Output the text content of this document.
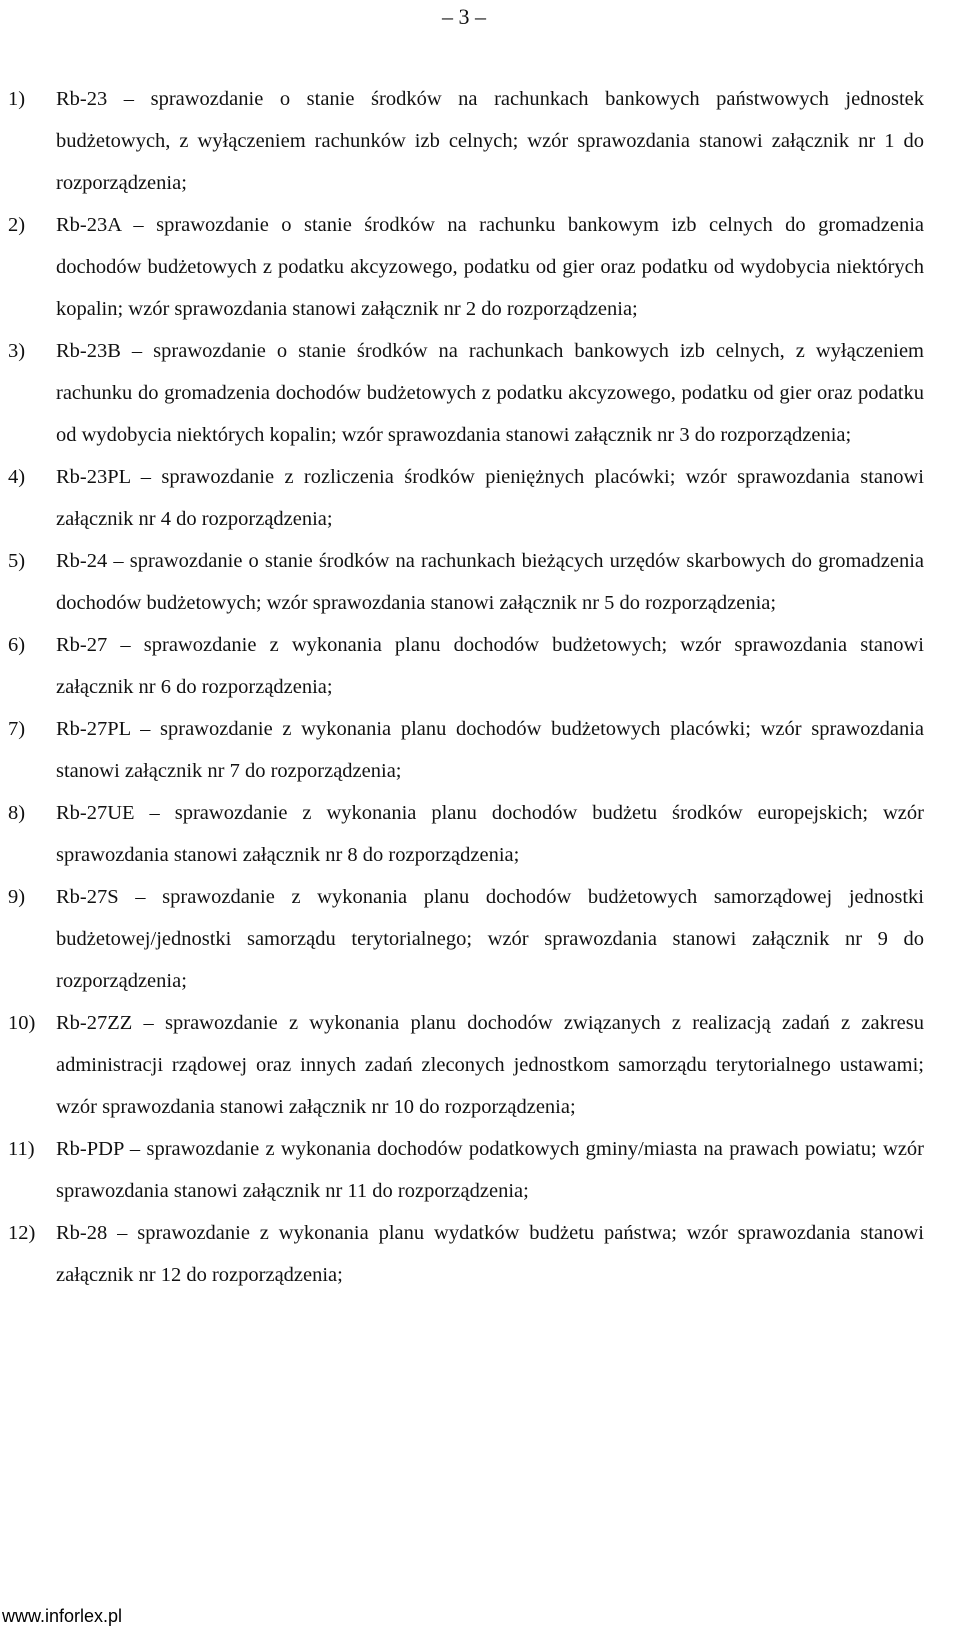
– 3 –
1) Rb-23 – sprawozdanie o stanie środków na rachunkach bankowych państwowych jednostek budżetowych, z wyłączeniem rachunków izb celnych; wzór sprawozdania stanowi załącznik nr 1 do rozporządzenia;
2) Rb-23A – sprawozdanie o stanie środków na rachunku bankowym izb celnych do gromadzenia dochodów budżetowych z podatku akcyzowego, podatku od gier oraz podatku od wydobycia niektórych kopalin; wzór sprawozdania stanowi załącznik nr 2 do rozporządzenia;
3) Rb-23B – sprawozdanie o stanie środków na rachunkach bankowych izb celnych, z wyłączeniem rachunku do gromadzenia dochodów budżetowych z podatku akcyzowego, podatku od gier oraz podatku od wydobycia niektórych kopalin; wzór sprawozdania stanowi załącznik nr 3 do rozporządzenia;
4) Rb-23PL – sprawozdanie z rozliczenia środków pieniężnych placówki; wzór sprawozdania stanowi załącznik nr 4 do rozporządzenia;
5) Rb-24 – sprawozdanie o stanie środków na rachunkach bieżących urzędów skarbowych do gromadzenia dochodów budżetowych; wzór sprawozdania stanowi załącznik nr 5 do rozporządzenia;
6) Rb-27 – sprawozdanie z wykonania planu dochodów budżetowych; wzór sprawozdania stanowi załącznik nr 6 do rozporządzenia;
7) Rb-27PL – sprawozdanie z wykonania planu dochodów budżetowych placówki; wzór sprawozdania stanowi załącznik nr 7 do rozporządzenia;
8) Rb-27UE – sprawozdanie z wykonania planu dochodów budżetu środków europejskich; wzór sprawozdania stanowi załącznik nr 8 do rozporządzenia;
9) Rb-27S – sprawozdanie z wykonania planu dochodów budżetowych samorządowej jednostki budżetowej/jednostki samorządu terytorialnego; wzór sprawozdania stanowi załącznik nr 9 do rozporządzenia;
10) Rb-27ZZ – sprawozdanie z wykonania planu dochodów związanych z realizacją zadań z zakresu administracji rządowej oraz innych zadań zleconych jednostkom samorządu terytorialnego ustawami; wzór sprawozdania stanowi załącznik nr 10 do rozporządzenia;
11) Rb-PDP – sprawozdanie z wykonania dochodów podatkowych gminy/miasta na prawach powiatu; wzór sprawozdania stanowi załącznik nr 11 do rozporządzenia;
12) Rb-28 – sprawozdanie z wykonania planu wydatków budżetu państwa; wzór sprawozdania stanowi załącznik nr 12 do rozporządzenia;
www.inforlex.pl
